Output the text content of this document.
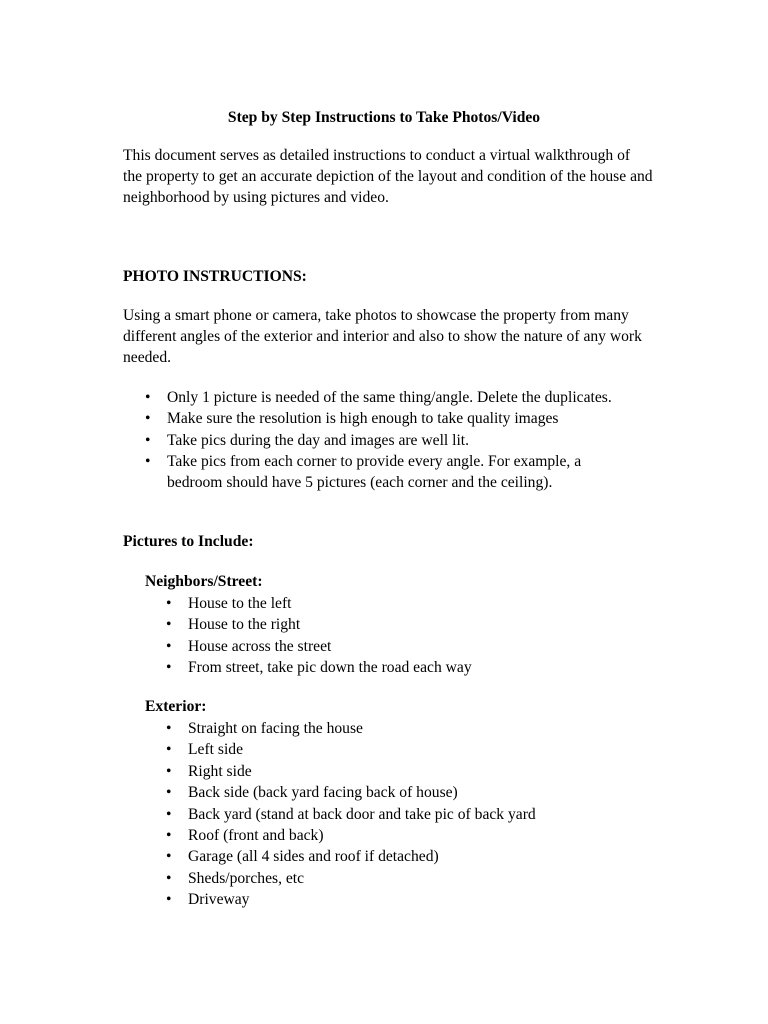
Step by Step Instructions to Take Photos/Video

This document serves as detailed instructions to conduct a virtual walkthrough of the property to get an accurate depiction of the layout and condition of the house and neighborhood by using pictures and video.

PHOTO INSTRUCTIONS:

Using a smart phone or camera, take photos to showcase the property from many different angles of the exterior and interior and also to show the nature of any work needed.

• Only 1 picture is needed of the same thing/angle. Delete the duplicates.
• Make sure the resolution is high enough to take quality images
• Take pics during the day and images are well lit.
• Take pics from each corner to provide every angle. For example, a bedroom should have 5 pictures (each corner and the ceiling).
Pictures to Include:
Neighbors/Street:
• House to the left
• House to the right
• House across the street
• From street, take pic down the road each way
Exterior:
• Straight on facing the house
• Left side
• Right side
• Back side (back yard facing back of house)
• Back yard (stand at back door and take pic of back yard
• Roof (front and back)
• Garage (all 4 sides and roof if detached)
• Sheds/porches, etc
• Driveway
